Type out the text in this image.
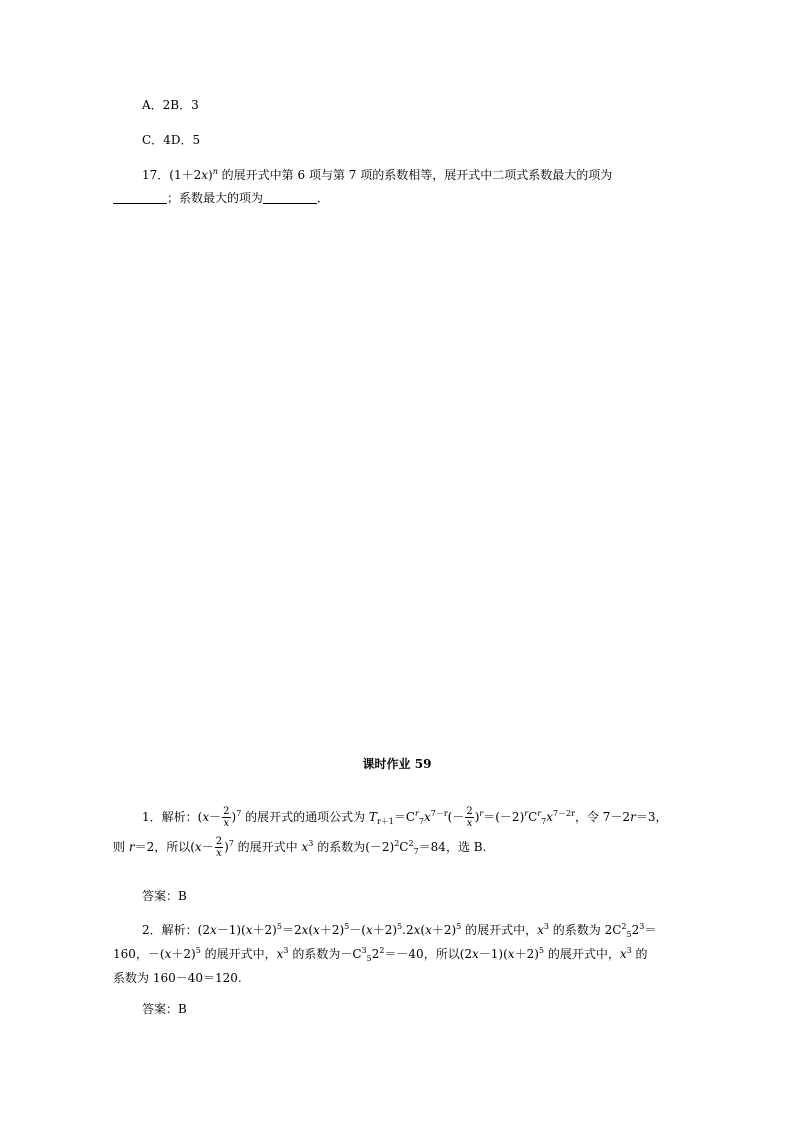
A．2B．3
C．4D．5
17．$(1+2x)^n$ 的展开式中第 6 项与第 7 项的系数相等，展开式中二项式系数最大的项为
；系数最大的项为	．
课时作业 59
1．解析：$(x- \frac{2}{x} )^7$ 的展开式的通项公式为 $T_{r+1}=C^r_7x^{7-r}(- \frac{2}{x} )^r=(-2)^rC^r_7x^{7-2r}$，令 7－2r＝3，
则 r＝2，所以$(x- \frac{2}{x} )^7$ 的展开式中 $x^3$ 的系数为$(-2)^2C^2_7=84$，选 B.
答案：B
2．解析：$(2x-1)(x+2)^5=2x(x+2)^5-(x+2)^5.2x(x+2)^5$ 的展开式中，$x^3$ 的系数为 $2C^2_52^3=$
160，$-(x+2)^5$ 的展开式中，$x^3$ 的系数为$-C^3_52^2=-40$，所以$(2x-1)(x+2)^5$ 的展开式中，$x^3$ 的
系数为 160－40＝120.
答案：B
